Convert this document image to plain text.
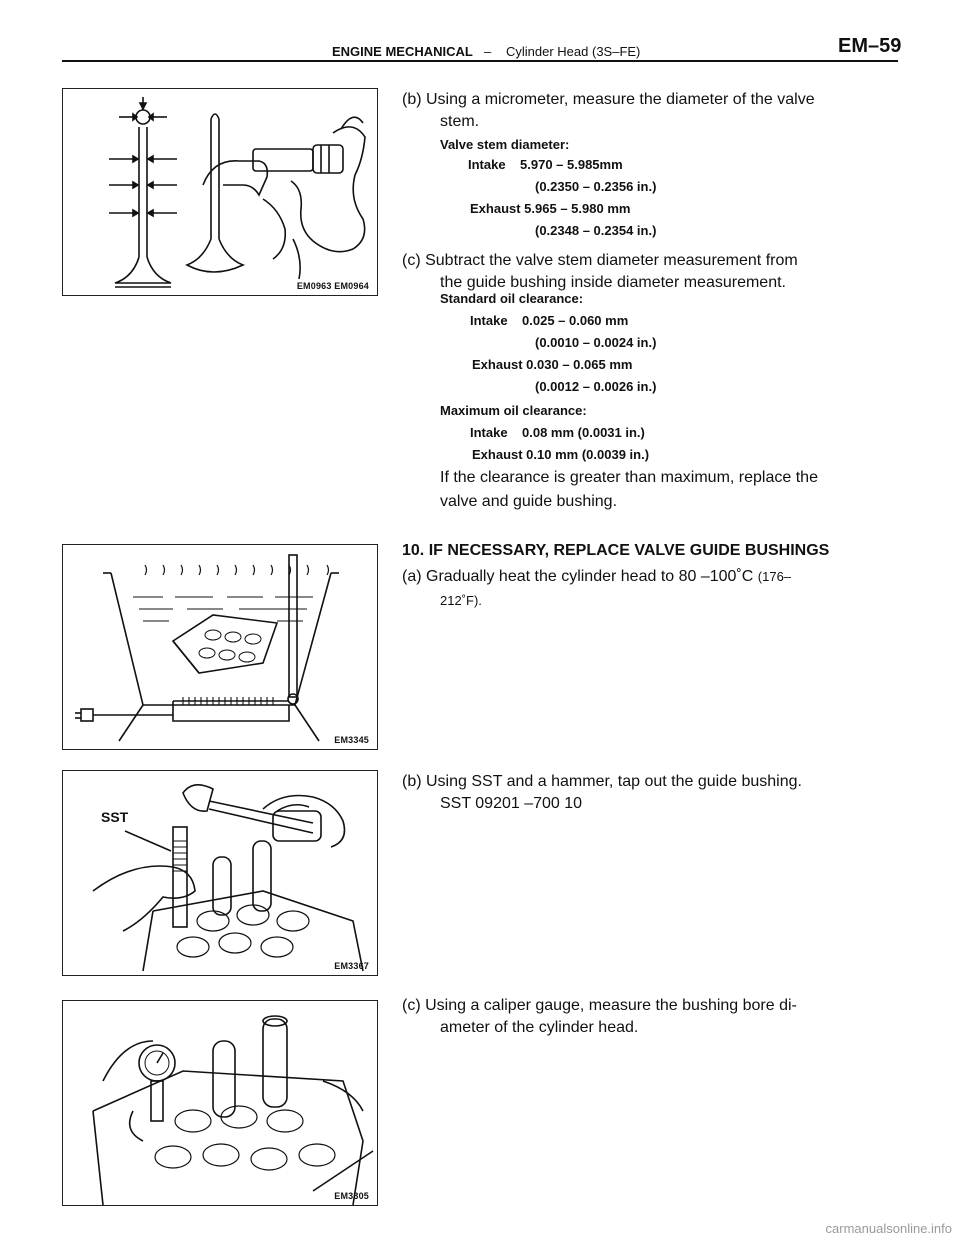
ENGINE MECHANICAL – Cylinder Head (3S–FE)	EM–59
EM0963 EM0964
(b) Using a micrometer, measure the diameter of the valve
stem.
Valve stem diameter:
Intake    5.970 – 5.985mm
(0.2350 – 0.2356 in.)
Exhaust 5.965 – 5.980 mm
(0.2348 – 0.2354 in.)
(c) Subtract the valve stem diameter measurement from
the guide bushing inside diameter measurement.
Standard oil clearance:
Intake    0.025 – 0.060 mm
(0.0010 – 0.0024 in.)
Exhaust 0.030 – 0.065 mm
(0.0012 – 0.0026 in.)
Maximum oil clearance:
Intake    0.08 mm (0.0031 in.)
Exhaust 0.10 mm (0.0039 in.)
If the clearance is greater than maximum, replace the
valve and guide bushing.
EM3345
10. IF NECESSARY, REPLACE VALVE GUIDE BUSHINGS
(a) Gradually heat the cylinder head to 80 –100˚C (176–
212˚F).
SST
EM3367
(b) Using SST and a hammer, tap out the guide bushing.
SST 09201 –700 10
EM3305
(c) Using a caliper gauge, measure the bushing bore di-
ameter of the cylinder head.
carmanualsonline.info
